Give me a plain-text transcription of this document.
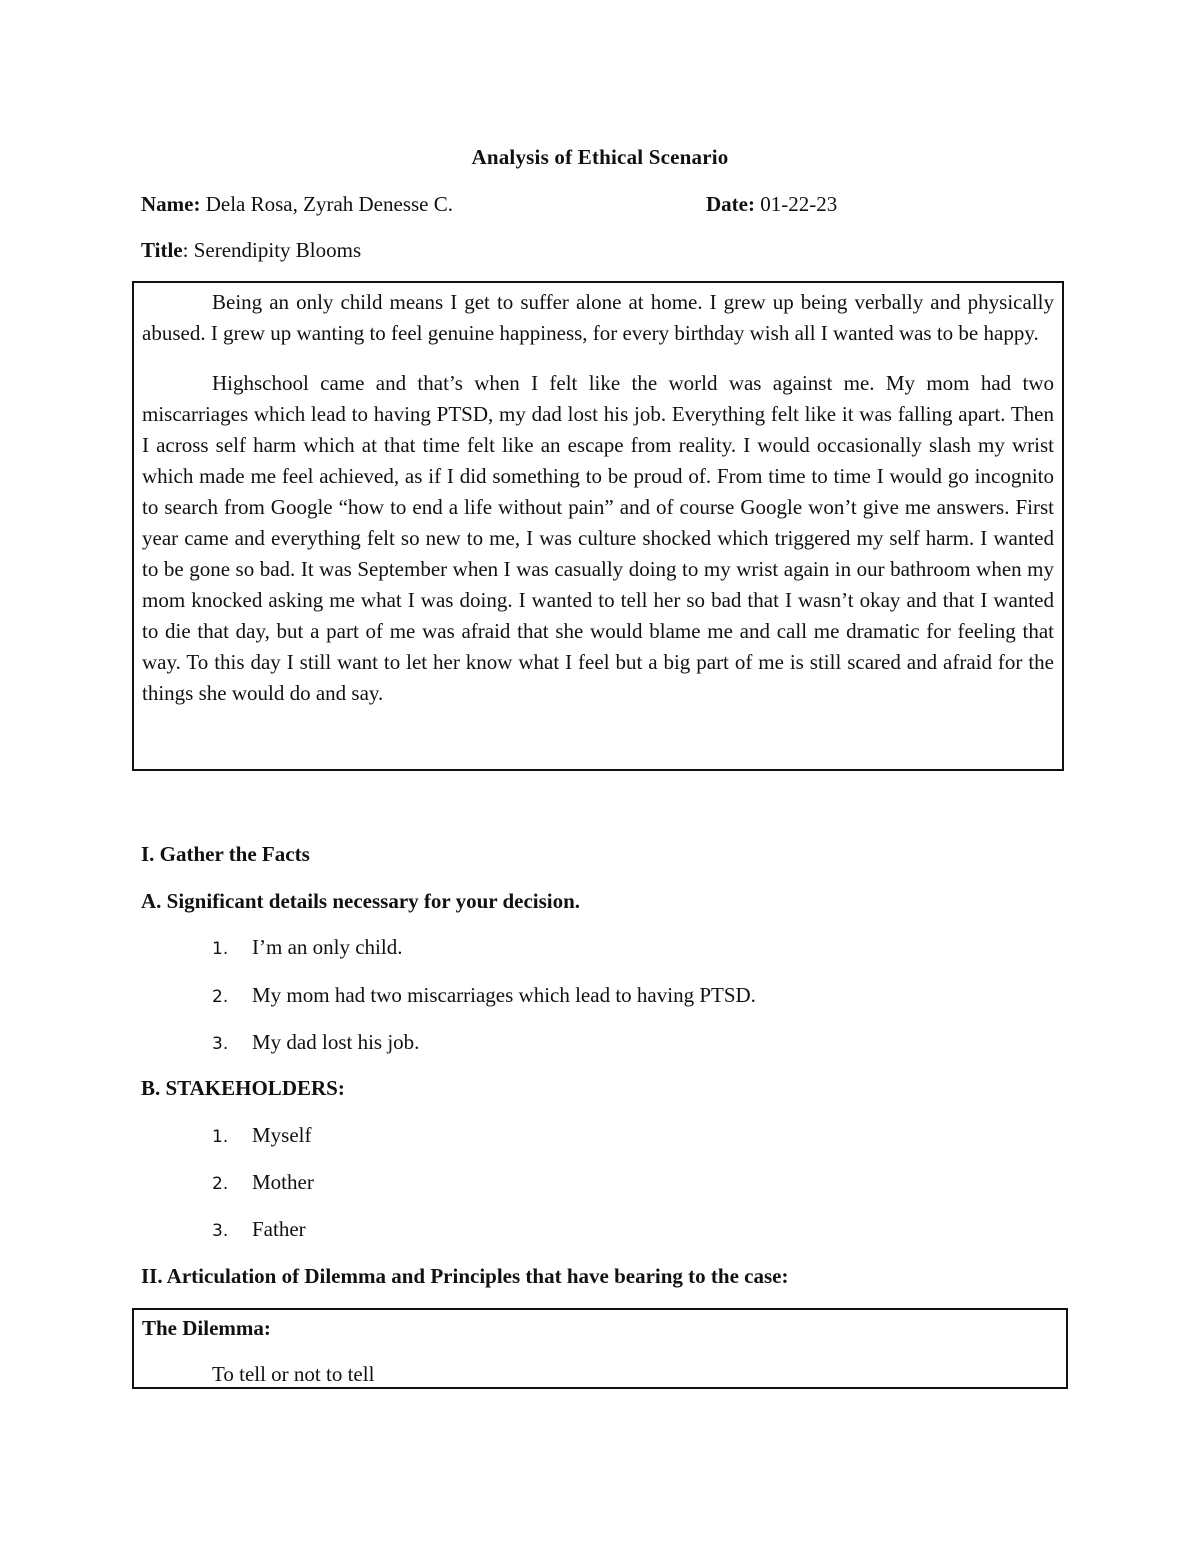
Analysis of Ethical Scenario
Name: Dela Rosa, Zyrah Denesse C.	Date: 01-22-23
Title: Serendipity Blooms

Being an only child means I get to suffer alone at home. I grew up being verbally and physically abused. I grew up wanting to feel genuine happiness, for every birthday wish all I wanted was to be happy.

Highschool came and that’s when I felt like the world was against me. My mom had two miscarriages which lead to having PTSD, my dad lost his job. Everything felt like it was falling apart. Then I across self harm which at that time felt like an escape from reality. I would occasionally slash my wrist which made me feel achieved, as if I did something to be proud of. From time to time I would go incognito to search from Google “how to end a life without pain” and of course Google won’t give me answers. First year came and everything felt so new to me, I was culture shocked which triggered my self harm. I wanted to be gone so bad. It was September when I was casually doing to my wrist again in our bathroom when my mom knocked asking me what I was doing. I wanted to tell her so bad that I wasn’t okay and that I wanted to die that day, but a part of me was afraid that she would blame me and call me dramatic for feeling that way. To this day I still want to let her know what I feel but a big part of me is still scared and afraid for the things she would do and say.

I. Gather the Facts
A. Significant details necessary for your decision.
1. I’m an only child.
2. My mom had two miscarriages which lead to having PTSD.
3. My dad lost his job.
B. STAKEHOLDERS:
1. Myself
2. Mother
3. Father
II. Articulation of Dilemma and Principles that have bearing to the case:
The Dilemma:
To tell or not to tell
